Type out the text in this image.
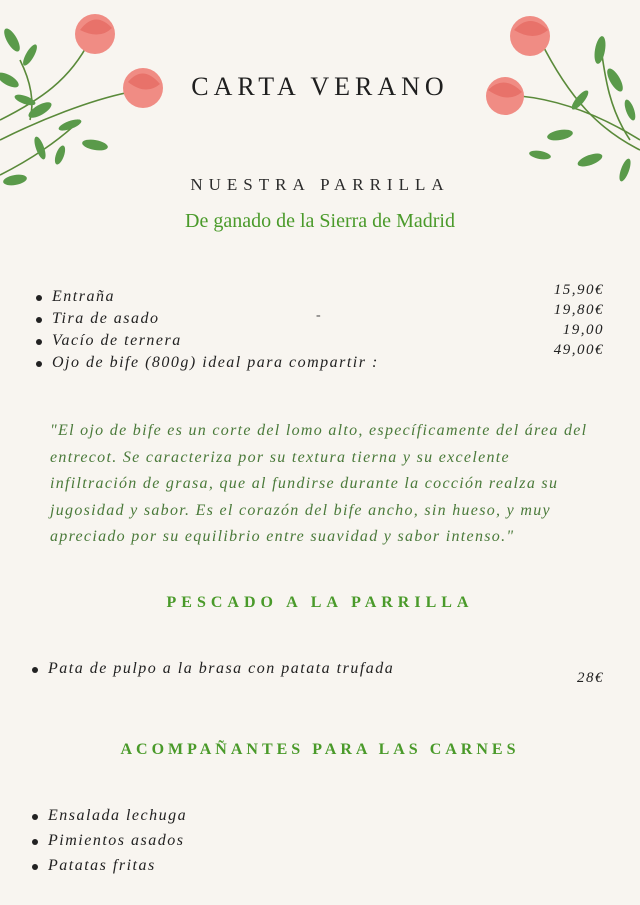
CARTA VERANO
NUESTRA PARRILLA
De ganado de la Sierra de Madrid
Entraña
Tira de asado
Vacío de ternera
Ojo de bife (800g) ideal para compartir :
-
15,90€
19,80€
19,00
49,00€
"El ojo de bife es un corte del lomo alto, específicamente del área del entrecot. Se caracteriza por su textura tierna y su excelente infiltración de grasa, que al fundirse durante la cocción realza su jugosidad y sabor. Es el corazón del bife ancho, sin hueso, y muy apreciado por su equilibrio entre suavidad y sabor intenso."
PESCADO A LA PARRILLA
Pata de pulpo a la brasa con patata trufada
28€
ACOMPAÑANTES PARA LAS CARNES
Ensalada lechuga
Pimientos asados
Patatas fritas
